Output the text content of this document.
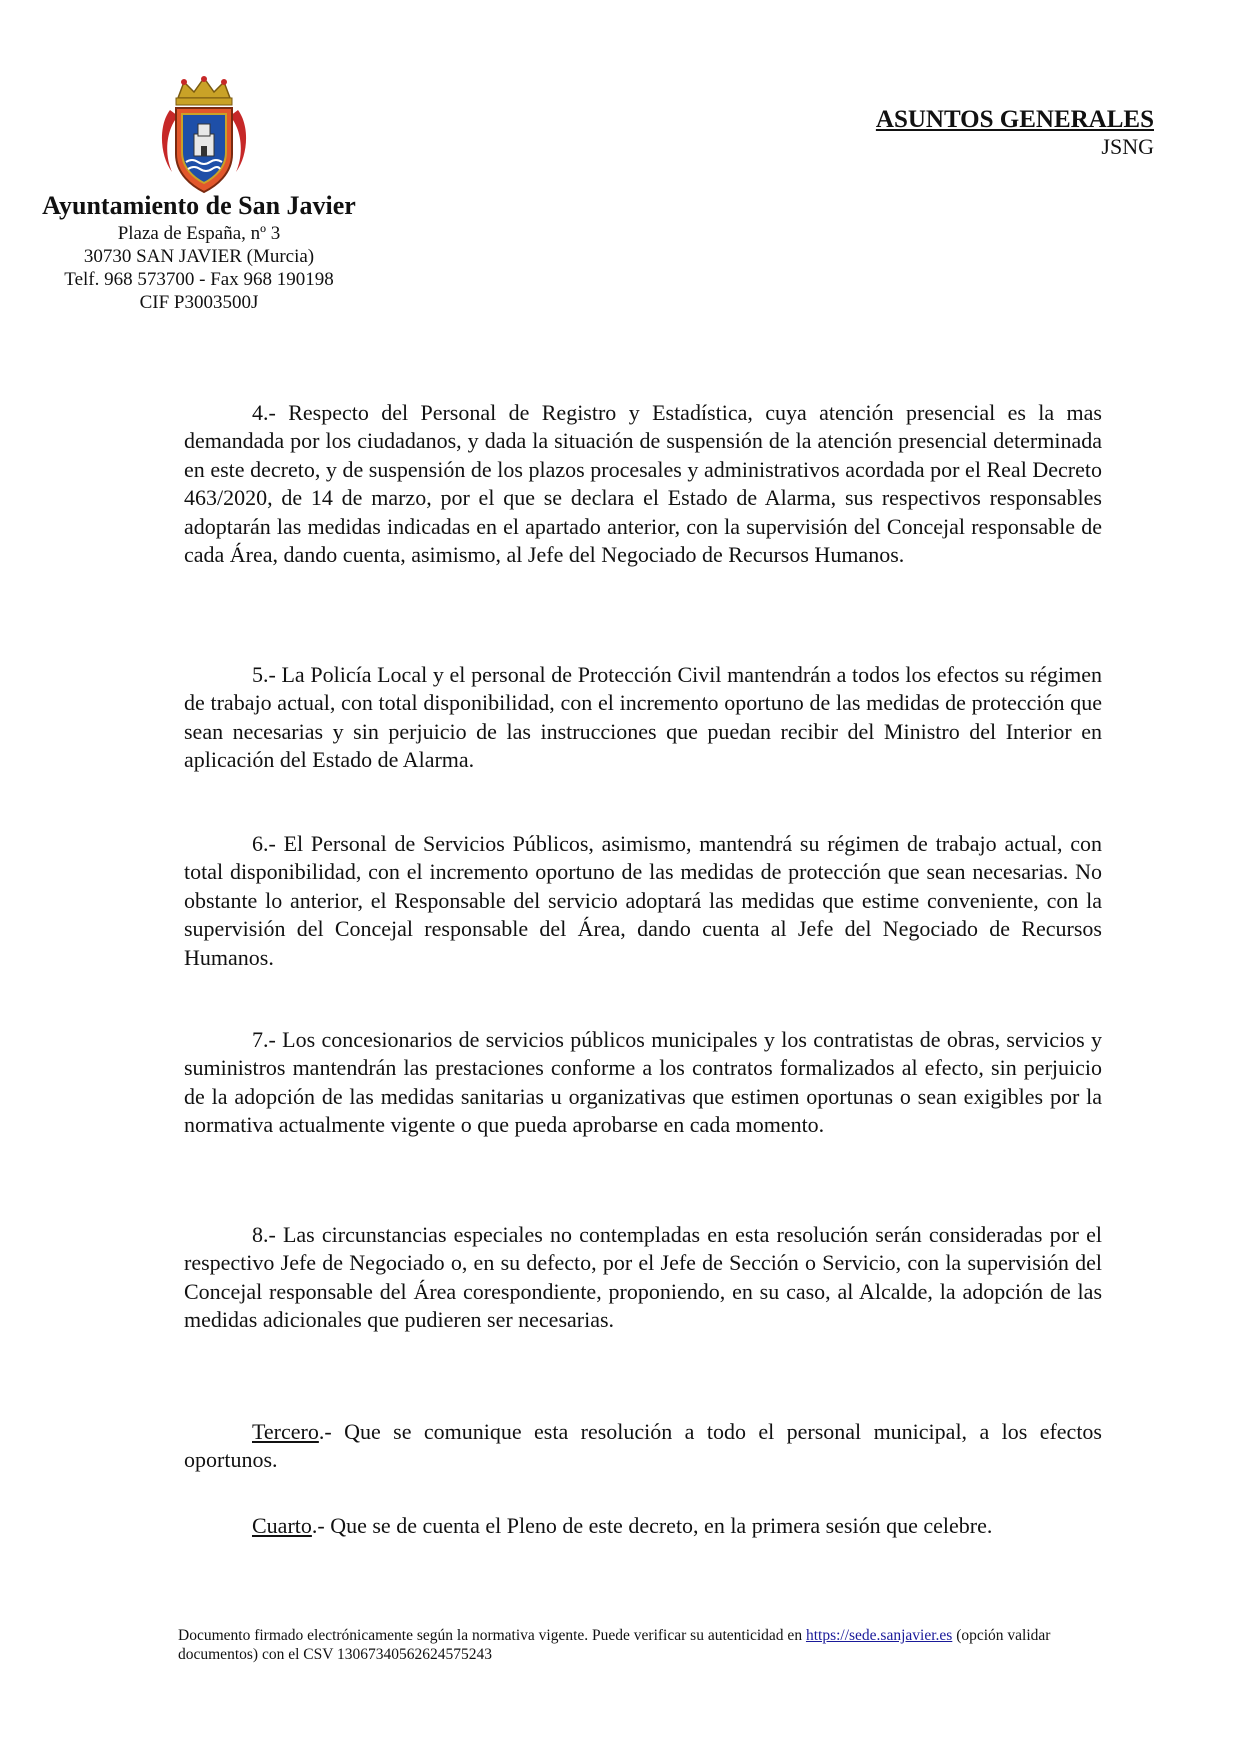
Ayuntamiento de San Javier
Plaza de España, nº 3
30730 SAN JAVIER (Murcia)
Telf. 968 573700 - Fax 968 190198
CIF P3003500J
ASUNTOS GENERALES
JSNG

4.- Respecto del Personal de Registro y Estadística, cuya atención presencial es la mas demandada por los ciudadanos, y dada la situación de suspensión de la atención presencial determinada en este decreto, y de suspensión de los plazos procesales y administrativos acordada por el Real Decreto 463/2020, de 14 de marzo, por el que se declara el Estado de Alarma, sus respectivos responsables adoptarán las medidas indicadas en el apartado anterior, con la supervisión del Concejal responsable de cada Área, dando cuenta, asimismo, al Jefe del Negociado de Recursos Humanos.

5.- La Policía Local y el personal de Protección Civil mantendrán a todos los efectos su régimen de trabajo actual, con total disponibilidad, con el incremento oportuno de las medidas de protección que sean necesarias y sin perjuicio de las instrucciones que puedan recibir del Ministro del Interior en aplicación del Estado de Alarma.

6.- El Personal de Servicios Públicos, asimismo, mantendrá su régimen de trabajo actual, con total disponibilidad, con el incremento oportuno de las medidas de protección que sean necesarias. No obstante lo anterior, el Responsable del servicio adoptará las medidas que estime conveniente, con la supervisión del Concejal responsable del Área, dando cuenta al Jefe del Negociado de Recursos Humanos.

7.- Los concesionarios de servicios públicos municipales y los contratistas de obras, servicios y suministros mantendrán las prestaciones conforme a los contratos formalizados al efecto, sin perjuicio de la adopción de las medidas sanitarias u organizativas que estimen oportunas o sean exigibles por la normativa actualmente vigente o que pueda aprobarse en cada momento.

8.- Las circunstancias especiales no contempladas en esta resolución serán consideradas por el respectivo Jefe de Negociado o, en su defecto, por el Jefe de Sección o Servicio, con la supervisión del Concejal responsable del Área corespondiente, proponiendo, en su caso, al Alcalde, la adopción de las medidas adicionales que pudieren ser necesarias.

Tercero.- Que se comunique esta resolución a todo el personal municipal, a los efectos oportunos.

Cuarto.- Que se de cuenta el Pleno de este decreto, en la primera sesión que celebre.

Documento firmado electrónicamente según la normativa vigente. Puede verificar su autenticidad en https://sede.sanjavier.es (opción validar documentos) con el CSV 13067340562624575243
